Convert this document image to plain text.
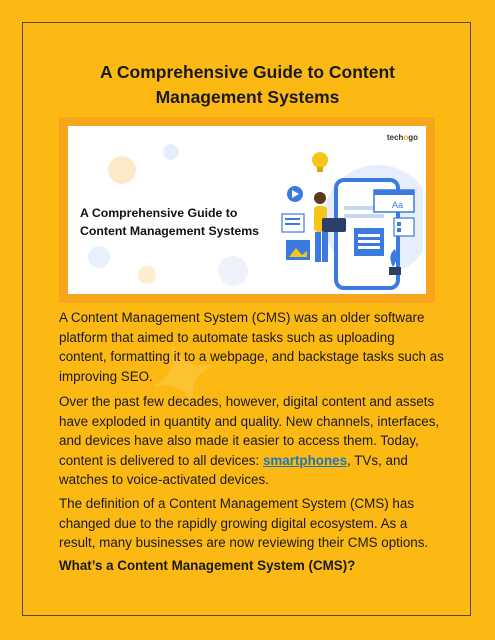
A Comprehensive Guide to Content
Management Systems
techogo
A Comprehensive Guide to
Content Management Systems
Aa
✦
A Content Management System (CMS) was an older software platform that aimed to automate tasks such as uploading content, formatting it to a webpage, and backstage tasks such as improving SEO.
Over the past few decades, however, digital content and assets have exploded in quantity and quality. New channels, interfaces, and devices have also made it easier to access them. Today, content is delivered to all devices: smartphones, TVs, and watches to voice-activated devices.
The definition of a Content Management System (CMS) has changed due to the rapidly growing digital ecosystem. As a result, many businesses are now reviewing their CMS options.
What’s a Content Management System (CMS)?
